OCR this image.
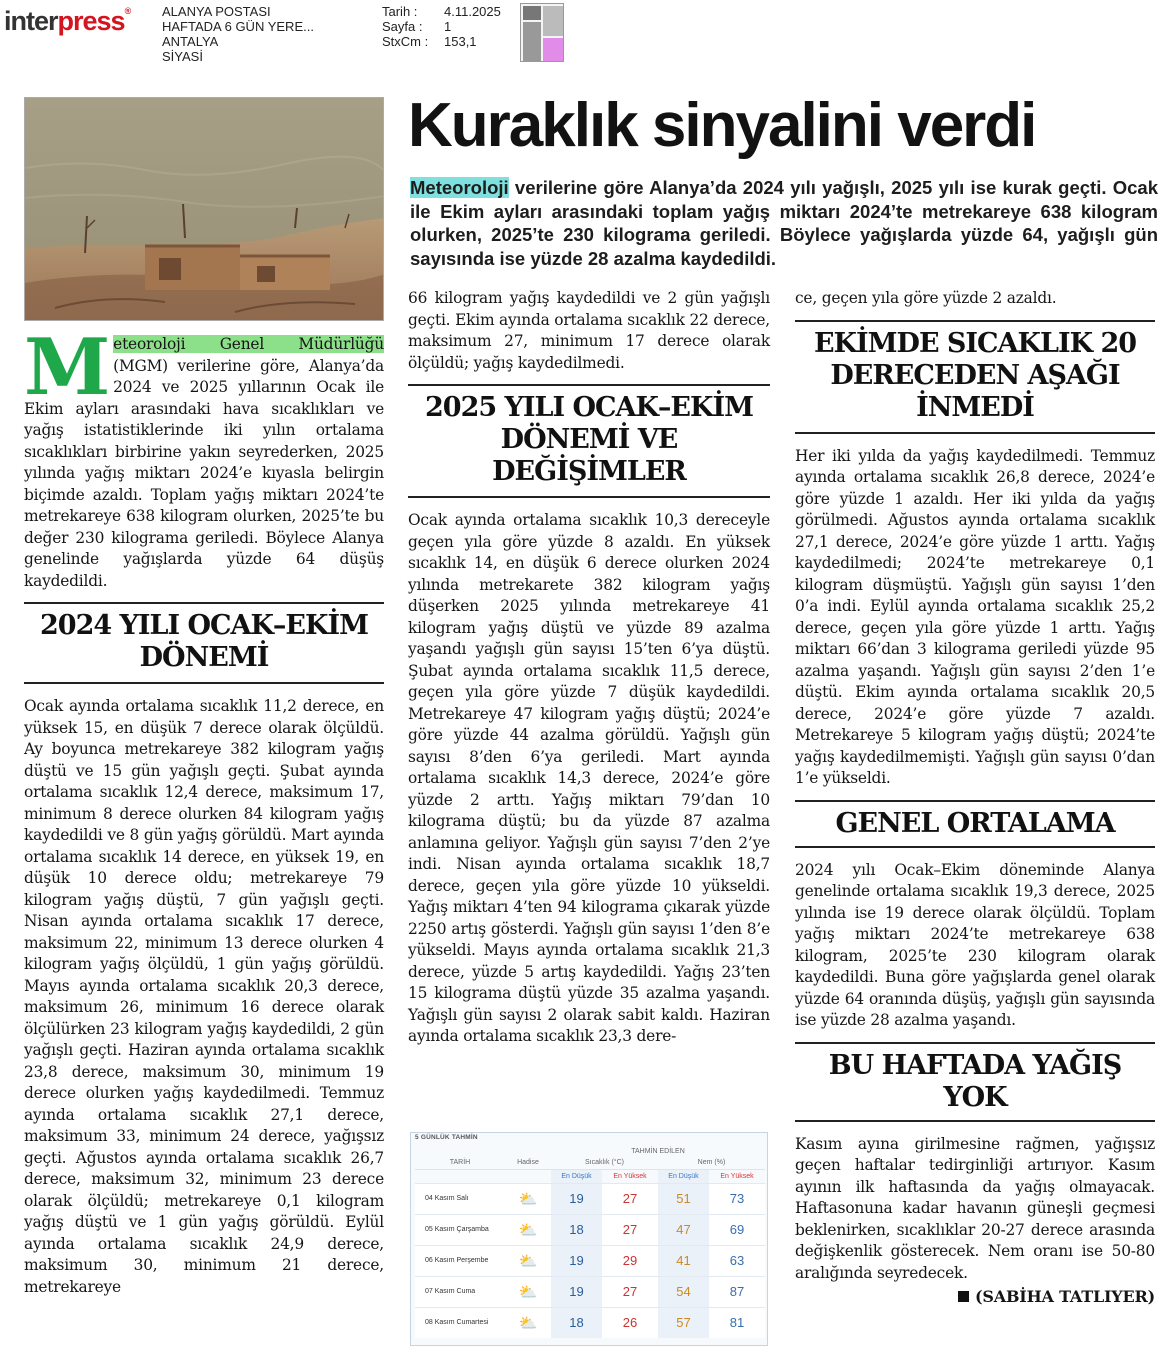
interpress® ALANYA POSTASI
HAFTADA 6 GÜN YERE...
ANTALYA
SİYASİ
Tarih : 4.11.2025
Sayfa : 1
StxCm : 153,1
Kuraklık sinyalini verdi
Meteoroloji verilerine göre Alanya’da 2024 yılı yağışlı, 2025 yılı ise kurak geçti. Ocak ile Ekim ayları arasındaki toplam yağış miktarı 2024’te metrekareye 638 kilogram olurken, 2025’te 230 kilograma geriledi. Böylece yağışlarda yüzde 64, yağışlı gün sayısında ise yüzde 28 azalma kaydedildi.

Meteoroloji Genel Müdürlüğü (MGM) verilerine göre, Alanya’da 2024 ve 2025 yıllarının Ocak ile Ekim ayları arasındaki hava sıcaklıkları ve yağış istatistiklerinde iki yılın ortalama sıcaklıkları birbirine yakın seyrederken, 2025 yılında yağış miktarı 2024’e kıyasla belirgin biçimde azaldı. Toplam yağış miktarı 2024’te metrekareye 638 kilogram olurken, 2025’te bu değer 230 kilograma geriledi. Böylece Alanya genelinde yağışlarda yüzde 64 düşüş kaydedildi.

2024 YILI OCAK–EKİM DÖNEMİ

Ocak ayında ortalama sıcaklık 11,2 derece, en yüksek 15, en düşük 7 derece olarak ölçüldü. Ay boyunca metrekareye 382 kilogram yağış düştü ve 15 gün yağışlı geçti. Şubat ayında ortalama sıcaklık 12,4 derece, maksimum 17, minimum 8 derece olurken 84 kilogram yağış kaydedildi ve 8 gün yağış görüldü. Mart ayında ortalama sıcaklık 14 derece, en yüksek 19, en düşük 10 derece oldu; metrekareye 79 kilogram yağış düştü, 7 gün yağışlı geçti. Nisan ayında ortalama sıcaklık 17 derece, maksimum 22, minimum 13 derece olurken 4 kilogram yağış ölçüldü, 1 gün yağış görüldü. Mayıs ayında ortalama sıcaklık 20,3 derece, maksimum 26, minimum 16 derece olarak ölçülürken 23 kilogram yağış kaydedildi, 2 gün yağışlı geçti. Haziran ayında ortalama sıcaklık 23,8 derece, maksimum 30, minimum 19 derece olurken yağış kaydedilmedi. Temmuz ayında ortalama sıcaklık 27,1 derece, maksimum 33, minimum 24 derece, yağışsız geçti. Ağustos ayında ortalama sıcaklık 26,7 derece, maksimum 32, minimum 23 derece olarak ölçüldü; metrekareye 0,1 kilogram yağış düştü ve 1 gün yağış görüldü. Eylül ayında ortalama sıcaklık 24,9 derece, maksimum 30, minimum 21 derece, metrekareye

66 kilogram yağış kaydedildi ve 2 gün yağışlı geçti. Ekim ayında ortalama sıcaklık 22 derece, maksimum 27, minimum 17 derece olarak ölçüldü; yağış kaydedilmedi.

2025 YILI OCAK–EKİM DÖNEMİ VE DEĞİŞİMLER

Ocak ayında ortalama sıcaklık 10,3 dereceyle geçen yıla göre yüzde 8 azaldı. En yüksek sıcaklık 14, en düşük 6 derece olurken 2024 yılında metrekarete 382 kilogram yağış düşerken 2025 yılında metrekareye 41 kilogram yağış düştü ve yüzde 89 azalma yaşandı yağışlı gün sayısı 15’ten 6’ya düştü. Şubat ayında ortalama sıcaklık 11,5 derece, geçen yıla göre yüzde 7 düşük kaydedildi. Metrekareye 47 kilogram yağış düştü; 2024’e göre yüzde 44 azalma görüldü. Yağışlı gün sayısı 8’den 6’ya geriledi. Mart ayında ortalama sıcaklık 14,3 derece, 2024’e göre yüzde 2 arttı. Yağış miktarı 79’dan 10 kilograma düştü; bu da yüzde 87 azalma anlamına geliyor. Yağışlı gün sayısı 7’den 2’ye indi. Nisan ayında ortalama sıcaklık 18,7 derece, geçen yıla göre yüzde 10 yükseldi. Yağış miktarı 4’ten 94 kilograma çıkarak yüzde 2250 artış gösterdi. Yağışlı gün sayısı 1’den 8’e yükseldi. Mayıs ayında ortalama sıcaklık 21,3 derece, yüzde 5 artış kaydedildi. Yağış 23’ten 15 kilograma düştü yüzde 35 azalma yaşandı. Yağışlı gün sayısı 2 olarak sabit kaldı. Haziran ayında ortalama sıcaklık 23,3 dere-

ce, geçen yıla göre yüzde 2 azaldı.

EKİMDE SICAKLIK 20 DERECEDEN AŞAĞI İNMEDİ

Her iki yılda da yağış kaydedilmedi. Temmuz ayında ortalama sıcaklık 26,8 derece, 2024’e göre yüzde 1 azaldı. Her iki yılda da yağış görülmedi. Ağustos ayında ortalama sıcaklık 27,1 derece, 2024’e göre yüzde 1 arttı. Yağış kaydedilmedi; 2024’te metrekareye 0,1 kilogram düşmüştü. Yağışlı gün sayısı 1’den 0’a indi. Eylül ayında ortalama sıcaklık 25,2 derece, geçen yıla göre yüzde 1 arttı. Yağış miktarı 66’dan 3 kilograma geriledi yüzde 95 azalma yaşandı. Yağışlı gün sayısı 2’den 1’e düştü. Ekim ayında ortalama sıcaklık 20,5 derece, 2024’e göre yüzde 7 azaldı. Metrekareye 5 kilogram yağış düştü; 2024’te yağış kaydedilmemişti. Yağışlı gün sayısı 0’dan 1’e yükseldi.

GENEL ORTALAMA

2024 yılı Ocak–Ekim döneminde Alanya genelinde ortalama sıcaklık 19,3 derece, 2025 yılında ise 19 derece olarak ölçüldü. Toplam yağış miktarı 2024’te metrekareye 638 kilogram, 2025’te 230 kilogram olarak kaydedildi. Buna göre yağışlarda genel olarak yüzde 64 oranında düşüş, yağışlı gün sayısında ise yüzde 28 azalma yaşandı.

BU HAFTADA YAĞIŞ YOK

Kasım ayına girilmesine rağmen, yağışsız geçen haftalar tedirginliği artırıyor. Kasım ayının ilk haftasında da yağış olmayacak. Haftasonuna kadar havanın güneşli geçmesi beklenirken, sıcaklıklar 20-27 derece arasında değişkenlik gösterecek. Nem oranı ise 50-80 aralığında seyredecek.

(SABİHA TATLIYER)
5 GÜNLÜK TAHMİN
		TAHMİN EDİLEN			
TARİH	Hadise	Sıcaklık (°C)		Nem (%)	
		En Düşük	En Yüksek	En Düşük	En Yüksek
04 Kasım Salı	⛅	19	27	51	73
05 Kasım Çarşamba	⛅	18	27	47	69
06 Kasım Perşembe	⛅	19	29	41	63
07 Kasım Cuma	⛅	19	27	54	87
08 Kasım Cumartesi	⛅	18	26	57	81
